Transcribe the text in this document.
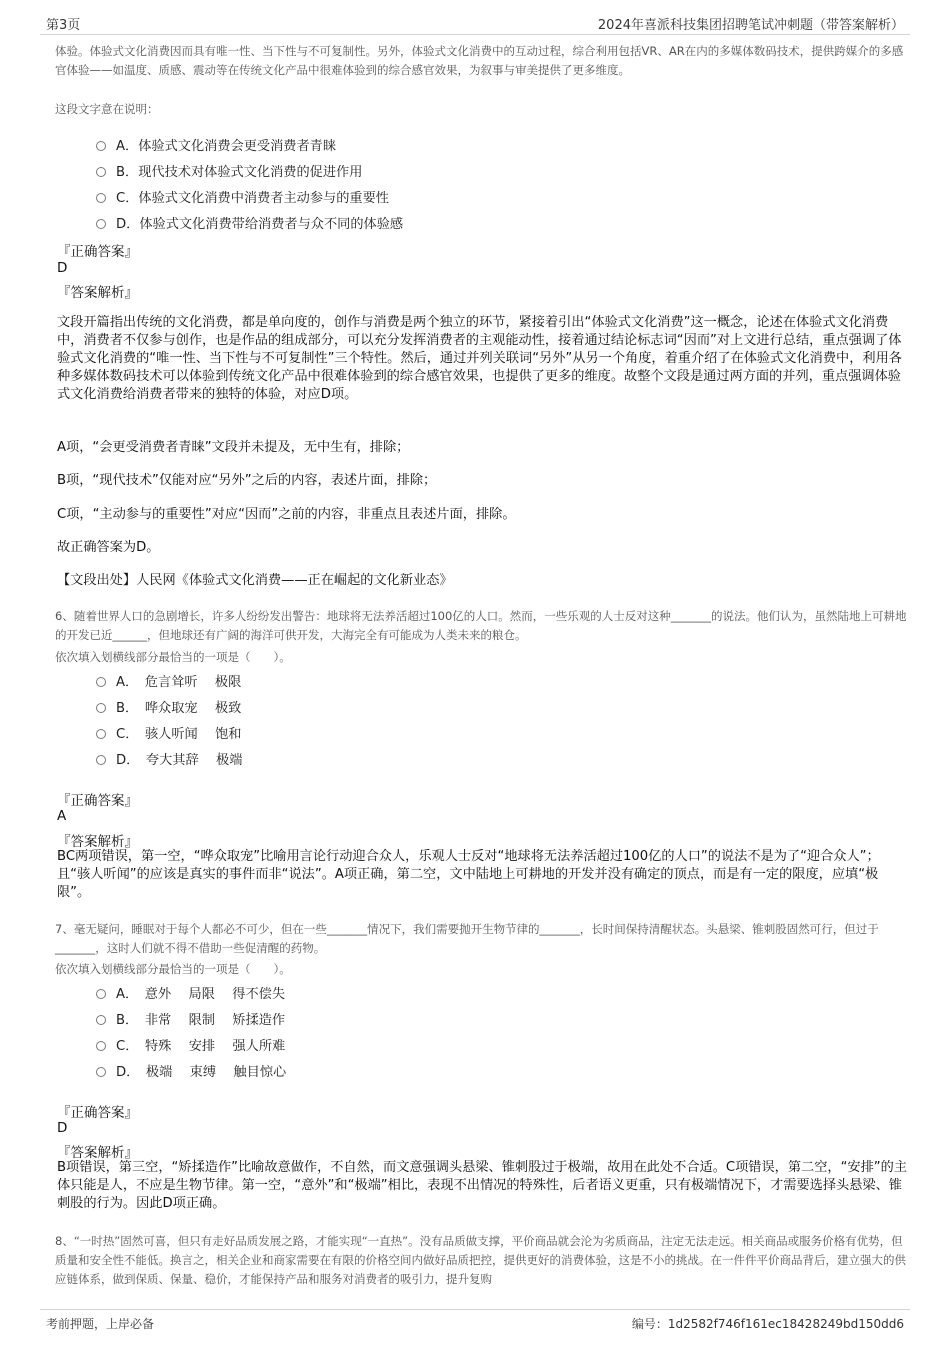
第3页	2024年喜派科技集团招聘笔试冲刺题（带答案解析）
体验。体验式文化消费因而具有唯一性、当下性与不可复制性。另外，体验式文化消费中的互动过程，综合利用包括VR、AR在内的多媒体数码技术，提供跨媒介的多感官体验——如温度、质感、震动等在传统文化产品中很难体验到的综合感官效果，为叙事与审美提供了更多维度。
这段文字意在说明：
A．体验式文化消费会更受消费者青睐
B．现代技术对体验式文化消费的促进作用
C．体验式文化消费中消费者主动参与的重要性
D．体验式文化消费带给消费者与众不同的体验感
『正确答案』
D
『答案解析』
文段开篇指出传统的文化消费，都是单向度的，创作与消费是两个独立的环节，紧接着引出“体验式文化消费”这一概念，论述在体验式文化消费中，消费者不仅参与创作，也是作品的组成部分，可以充分发挥消费者的主观能动性，接着通过结论标志词“因而”对上文进行总结，重点强调了体验式文化消费的“唯一性、当下性与不可复制性”三个特性。然后，通过并列关联词“另外”从另一个角度，着重介绍了在体验式文化消费中，利用各种多媒体数码技术可以体验到传统文化产品中很难体验到的综合感官效果，也提供了更多的维度。故整个文段是通过两方面的并列，重点强调体验式文化消费给消费者带来的独特的体验，对应D项。
A项，“会更受消费者青睐”文段并未提及，无中生有，排除；
B项，“现代技术”仅能对应“另外”之后的内容，表述片面，排除；
C项，“主动参与的重要性”对应“因而”之前的内容，非重点且表述片面，排除。
故正确答案为D。
【文段出处】人民网《体验式文化消费——正在崛起的文化新业态》
6、随着世界人口的急剧增长，许多人纷纷发出警告：地球将无法养活超过100亿的人口。然而，一些乐观的人士反对这种_______的说法。他们认为，虽然陆地上可耕地的开发已近______，但地球还有广阔的海洋可供开发，大海完全有可能成为人类未来的粮仓。
依次填入划横线部分最恰当的一项是（　　）。
A．　危言耸听　 极限
B．　哗众取宠　 极致
C．　骇人听闻　 饱和
D．　夸大其辞　 极端
『正确答案』
A
『答案解析』
BC两项错误，第一空，“哗众取宠”比喻用言论行动迎合众人，乐观人士反对“地球将无法养活超过100亿的人口”的说法不是为了“迎合众人”；且“骇人听闻”的应该是真实的事件而非“说法”。A项正确，第二空，文中陆地上可耕地的开发并没有确定的顶点，而是有一定的限度，应填“极限”。
7、毫无疑问，睡眠对于每个人都必不可少，但在一些_______情况下，我们需要抛开生物节律的_______，长时间保持清醒状态。头悬梁、锥刺股固然可行，但过于_______，这时人们就不得不借助一些促清醒的药物。
依次填入划横线部分最恰当的一项是（　　）。
A．　意外　 局限　 得不偿失
B．　非常　 限制　 矫揉造作
C．　特殊　 安排　 强人所难
D．　极端　 束缚　 触目惊心
『正确答案』
D
『答案解析』
B项错误，第三空，“矫揉造作”比喻故意做作，不自然，而文意强调头悬梁、锥刺股过于极端，故用在此处不合适。C项错误，第二空，“安排”的主体只能是人，不应是生物节律。第一空，“意外”和“极端”相比，表现不出情况的特殊性，后者语义更重，只有极端情况下，才需要选择头悬梁、锥刺股的行为。因此D项正确。
8、“一时热”固然可喜，但只有走好品质发展之路，才能实现“一直热”。没有品质做支撑，平价商品就会沦为劣质商品，注定无法走远。相关商品或服务价格有优势，但质量和安全性不能低。换言之，相关企业和商家需要在有限的价格空间内做好品质把控，提供更好的消费体验，这是不小的挑战。在一件件平价商品背后，建立强大的供应链体系，做到保质、保量、稳价，才能保持产品和服务对消费者的吸引力，提升复购
考前押题，上岸必备	编号：1d2582f746f161ec18428249bd150dd6
